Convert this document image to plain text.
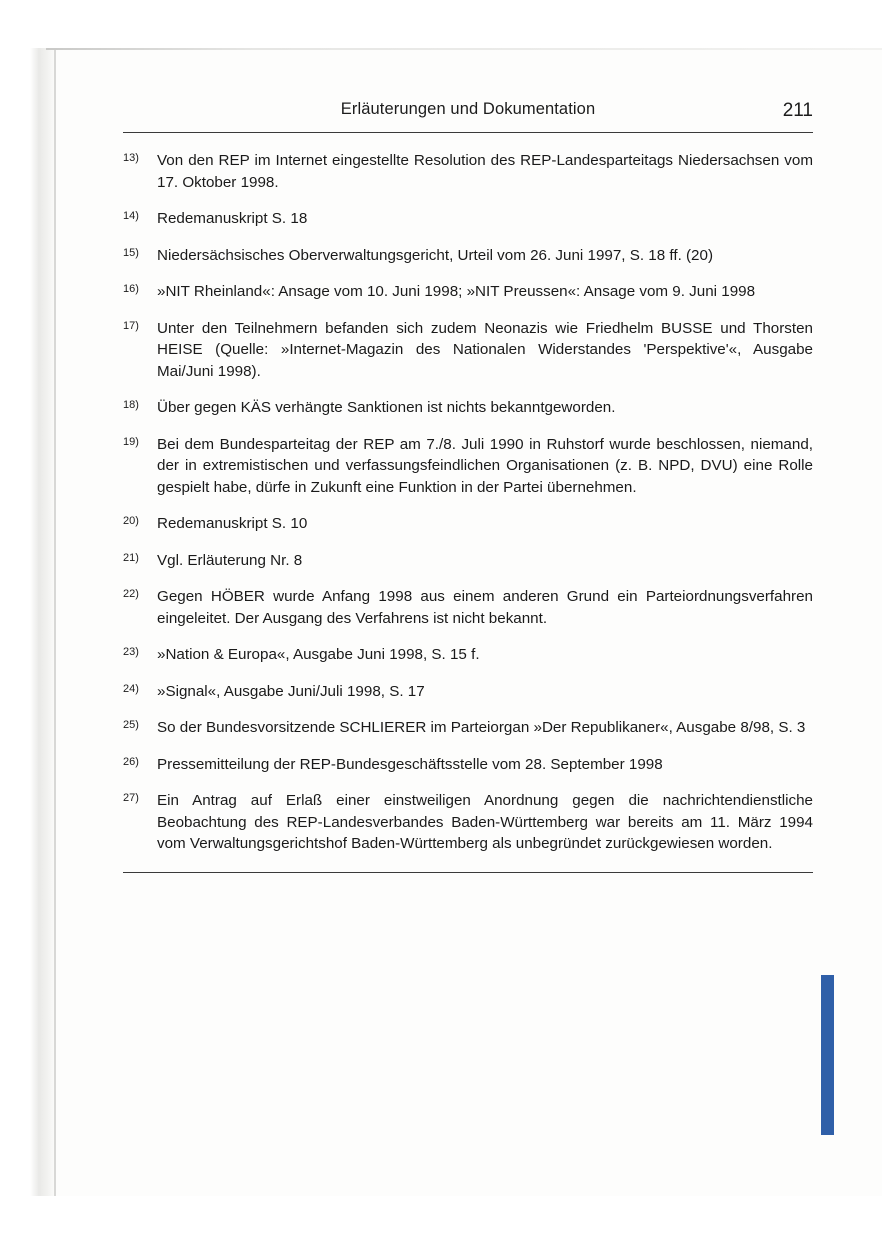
Erläuterungen und Dokumentation	211
13)	Von den REP im Internet eingestellte Resolution des REP-Landesparteitags Niedersachsen vom 17. Oktober 1998.
14)	Redemanuskript S. 18
15)	Niedersächsisches Oberverwaltungsgericht, Urteil vom 26. Juni 1997, S. 18 ff. (20)
16)	»NIT Rheinland«: Ansage vom 10. Juni 1998; »NIT Preussen«: Ansage vom 9. Juni 1998
17)	Unter den Teilnehmern befanden sich zudem Neonazis wie Friedhelm BUSSE und Thorsten HEISE (Quelle: »Internet-Magazin des Nationalen Widerstandes 'Perspektive'«, Ausgabe Mai/Juni 1998).
18)	Über gegen KÄS verhängte Sanktionen ist nichts bekanntgeworden.
19)	Bei dem Bundesparteitag der REP am 7./8. Juli 1990 in Ruhstorf wurde beschlossen, niemand, der in extremistischen und verfassungsfeindlichen Organisationen (z. B. NPD, DVU) eine Rolle gespielt habe, dürfe in Zukunft eine Funktion in der Partei übernehmen.
20)	Redemanuskript S. 10
21)	Vgl. Erläuterung Nr. 8
22)	Gegen HÖBER wurde Anfang 1998 aus einem anderen Grund ein Parteiordnungsverfahren eingeleitet. Der Ausgang des Verfahrens ist nicht bekannt.
23)	»Nation & Europa«, Ausgabe Juni 1998, S. 15 f.
24)	»Signal«, Ausgabe Juni/Juli 1998, S. 17
25)	So der Bundesvorsitzende SCHLIERER im Parteiorgan »Der Republikaner«, Ausgabe 8/98, S. 3
26)	Pressemitteilung der REP-Bundesgeschäftsstelle vom 28. September 1998
27)	Ein Antrag auf Erlaß einer einstweiligen Anordnung gegen die nachrichtendienstliche Beobachtung des REP-Landesverbandes Baden-Württemberg war bereits am 11. März 1994 vom Verwaltungsgerichtshof Baden-Württemberg als unbegründet zurückgewiesen worden.
